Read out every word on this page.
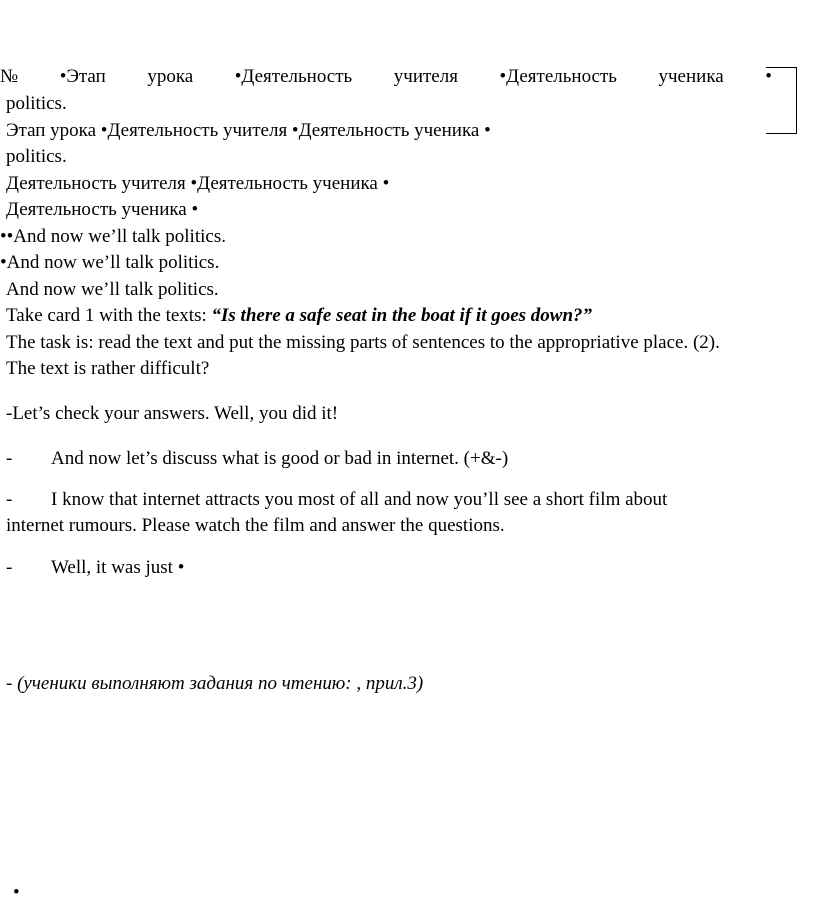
№ •Этап урока •Деятельность учителя •Деятельность ученика •
politics.
Этап урока •Деятельность учителя •Деятельность ученика •
politics.
Деятельность учителя •Деятельность ученика •
Деятельность ученика •
••And now we’ll talk politics.
•And now we’ll talk politics.
And now we’ll talk politics.
Take card 1 with the texts: “Is there a safe seat in the boat if it goes down?”
The task is: read the text and put the missing parts of sentences to the appropriative place. (2).
The text is rather difficult?
-Let’s check your answers. Well, you did it!
- And now let’s discuss what is good or bad in internet. (+&-)
- I know that internet attracts you most of all and now you’ll see a short film about
internet rumours. Please watch the film and answer the questions.
- Well, it was just •
- (ученики выполняют задания по чтению: , прил.3)
•
